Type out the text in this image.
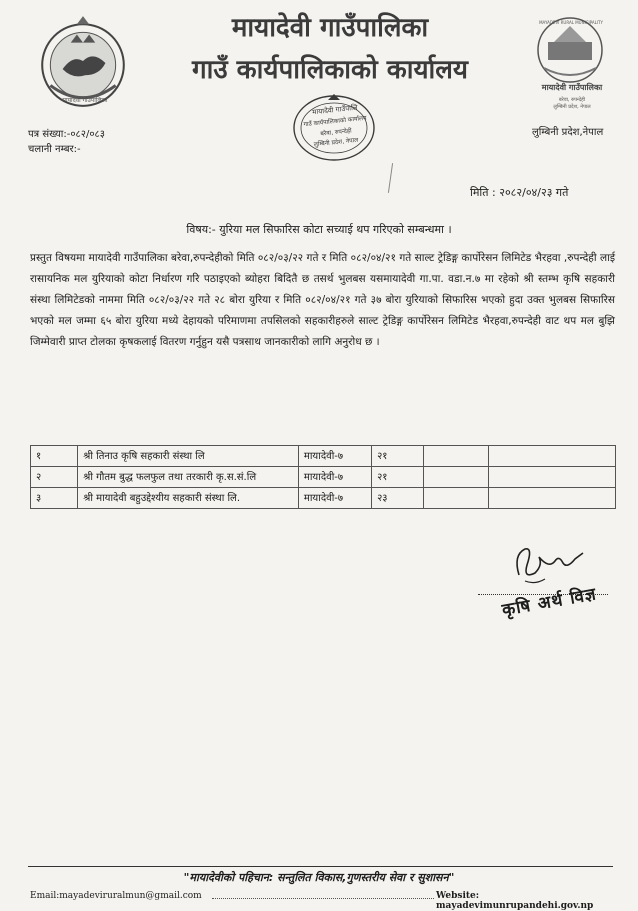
मायादेवी गाउँपालिका
मायादेवी गाउँपालिका
गाउँ कार्यपालिकाको कार्यालय
MAYADEVI RURAL MUNICIPALITY
मायादेवी गाउँपालिका
बरेवा, रुपन्देही
लुम्बिनी प्रदेश, नेपाल
पत्र संख्या:-०८२/०८३
चलानी नम्बर:-
लुम्बिनी प्रदेश,नेपाल
मायादेवी गाउँपालि
गाउँ कार्यपालिकाको कार्यालय
बरेवा, रुपन्देही
लुम्बिनी प्रदेश, नेपाल
मिति : २०८२/०४/२३ गते
विषय:- युरिया मल सिफारिस कोटा सच्याई थप गरिएको सम्बन्धमा ।
प्रस्तुत विषयमा मायादेवी गाउँपालिका बरेवा,रुपन्देहीको मिति ०८२/०३/२२ गते र मिति ०८२/०४/२१ गते साल्ट ट्रेडिङ्ग कार्पोरेसन लिमिटेड भैरहवा ,रुपन्देही लाई रासायनिक मल युरियाको कोटा निर्धारण गरि पठाइएको ब्योहरा बिदितै छ तसर्थ भुलबस यसमायादेवी गा.पा. वडा.न.७ मा रहेको श्री स्तम्भ कृषि सहकारी संस्था लिमिटेडको नाममा मिति ०८२/०३/२२ गते २८ बोरा युरिया र मिति ०८२/०४/२१ गते ३७ बोरा युरियाको सिफारिस भएको हुदा उक्त भुलबस सिफारिस भएको मल जम्मा ६५ बोरा युरिया मध्ये देहायको परिमाणमा तपसिलको सहकारीहरुले साल्ट ट्रेडिङ्ग कार्पोरेसन लिमिटेड भैरहवा,रुपन्देही वाट थप मल बुझि जिम्मेवारी प्राप्त टोलका कृषकलाई वितरण गर्नुहुन यसै पत्रसाथ जानकारीको लागि अनुरोध छ ।
१	श्री तिनाउ कृषि सहकारी संस्था लि	मायादेवी-७	२१		
२	श्री गौतम बुद्ध फलफुल तथा तरकारी कृ.स.सं.लि	मायादेवी-७	२१		
३	श्री मायादेवी बहुउद्देश्यीय सहकारी संस्था लि.	मायादेवी-७	२३		
कृषि अर्थ विज्ञ
"मायादेवीको पहिचान: सन्तुलित विकास,गुणस्तरीय सेवा र सुशासन"
Email:mayadeviruralmun@gmail.com	Website: mayadevimunrupandehi.gov.np
